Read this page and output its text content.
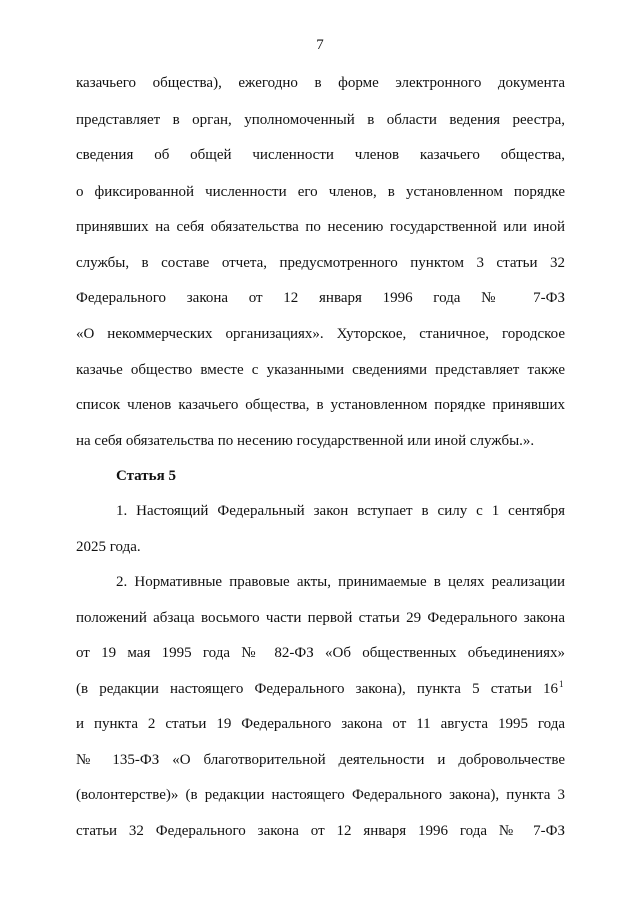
7
казачьего общества), ежегодно в форме электронного документа
представляет в орган, уполномоченный в области ведения реестра,
сведения об общей численности членов казачьего общества,
о фиксированной численности его членов, в установленном порядке
принявших на себя обязательства по несению государственной или иной
службы, в составе отчета, предусмотренного пунктом 3 статьи 32
Федерального закона от 12 января 1996 года № 7-ФЗ
«О некоммерческих организациях». Хуторское, станичное, городское
казачье общество вместе с указанными сведениями представляет также
список членов казачьего общества, в установленном порядке принявших
на себя обязательства по несению государственной или иной службы.».
Статья 5
1. Настоящий Федеральный закон вступает в силу с 1 сентября
2025 года.
2. Нормативные правовые акты, принимаемые в целях реализации
положений абзаца восьмого части первой статьи 29 Федерального закона
от 19 мая 1995 года № 82-ФЗ «Об общественных объединениях»
(в редакции настоящего Федерального закона), пункта 5 статьи 16 1
и пункта 2 статьи 19 Федерального закона от 11 августа 1995 года
№ 135-ФЗ «О благотворительной деятельности и добровольчестве
(волонтерстве)» (в редакции настоящего Федерального закона), пункта 3
статьи 32 Федерального закона от 12 января 1996 года № 7-ФЗ
